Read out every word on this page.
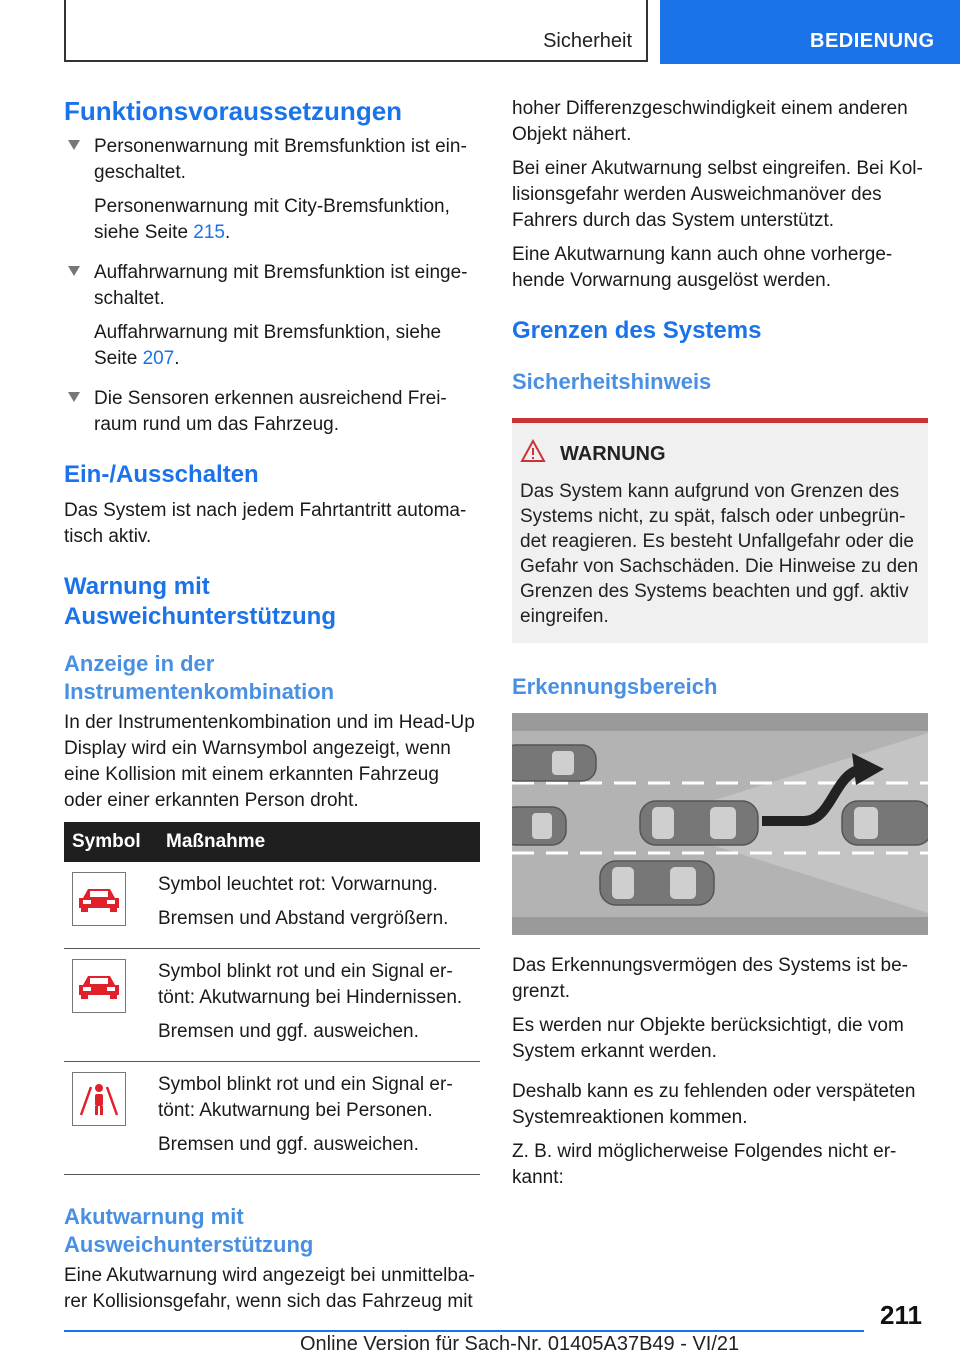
Sicherheit	BEDIENUNG
Funktionsvoraussetzungen

Personenwarnung mit Bremsfunktion ist ein-geschaltet.

Personenwarnung mit City-Bremsfunktion, siehe Seite 215.

Auffahrwarnung mit Bremsfunktion ist einge-schaltet.

Auffahrwarnung mit Bremsfunktion, siehe Seite 207.

Die Sensoren erkennen ausreichend Frei-raum rund um das Fahrzeug.

Ein-/Ausschalten

Das System ist nach jedem Fahrtantritt automa-tisch aktiv.

Warnung mit Ausweichunterstützung
Anzeige in der Instrumentenkombination

In der Instrumentenkombination und im Head-Up Display wird ein Warnsymbol angezeigt, wenn eine Kollision mit einem erkannten Fahrzeug oder einer erkannten Person droht.

Symbol	Maßnahme

Symbol leuchtet rot: Vorwarnung.

Bremsen und Abstand vergrößern.

Symbol blinkt rot und ein Signal er-tönt: Akutwarnung bei Hindernissen.

Bremsen und ggf. ausweichen.

Symbol blinkt rot und ein Signal er-tönt: Akutwarnung bei Personen.

Bremsen und ggf. ausweichen.

Akutwarnung mit Ausweichunterstützung

Eine Akutwarnung wird angezeigt bei unmittelba-rer Kollisionsgefahr, wenn sich das Fahrzeug mit

hoher Differenzgeschwindigkeit einem anderen Objekt nähert.

Bei einer Akutwarnung selbst eingreifen. Bei Kol-lisionsgefahr werden Ausweichmanöver des Fahrers durch das System unterstützt.

Eine Akutwarnung kann auch ohne vorherge-hende Vorwarnung ausgelöst werden.

Grenzen des Systems
Sicherheitshinweis
WARNUNG

Das System kann aufgrund von Grenzen des Systems nicht, zu spät, falsch oder unbegrün-det reagieren. Es besteht Unfallgefahr oder die Gefahr von Sachschäden. Die Hinweise zu den Grenzen des Systems beachten und ggf. aktiv eingreifen.

Erkennungsbereich

Das Erkennungsvermögen des Systems ist be-grenzt.

Es werden nur Objekte berücksichtigt, die vom System erkannt werden.

Deshalb kann es zu fehlenden oder verspäteten Systemreaktionen kommen.

Z. B. wird möglicherweise Folgendes nicht er-kannt:

211
Online Version für Sach-Nr. 01405A37B49 - VI/21
